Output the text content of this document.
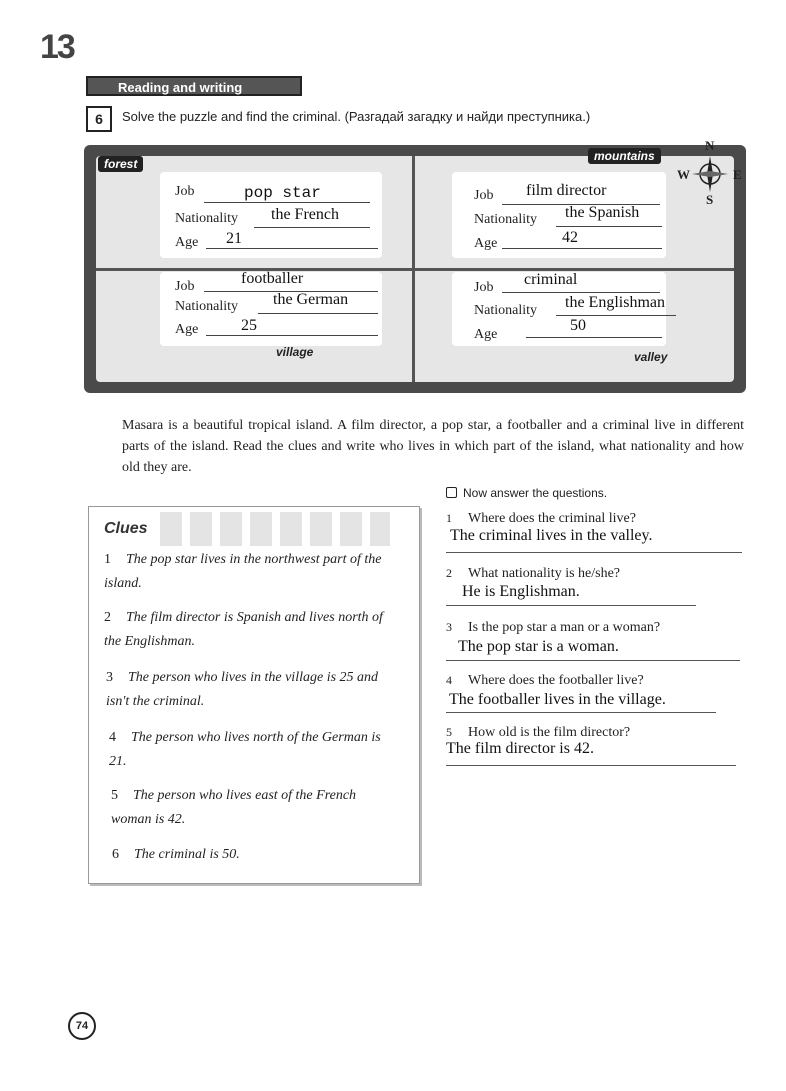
13
Reading and writing
6	Solve the puzzle and find the criminal. (Разгадай загадку и найди преступника.)
forest
mountains
village	valley
N
S
E
W
Job	pop star
Nationality the French
Age 21
Job film director
Nationality the Spanish
Age	42
Job	footballer
Nationality the German
Age	25
Job criminal
Nationality the Englishman
Age
50
Masara is a beautiful tropical island. A film director, a pop star, a footballer and a criminal live in different parts of the island. Read the clues and write who lives in which part of the island, what nationality and how old they are.
Clues
1 The pop star lives in the northwest part of the island.
2 The film director is Spanish and lives north of the Englishman.
3 The person who lives in the village is 25 and isn't the criminal.
4 The person who lives north of the German is 21.
5 The person who lives east of the French woman is 42.
6 The criminal is 50.
Now answer the questions.
1 Where does the criminal live?
The criminal lives in the valley.
2 What nationality is he/she?
He is Englishman.
3 Is the pop star a man or a woman?
The pop star is a woman.
4 Where does the footballer live?
The footballer lives in the village.
5 How old is the film director?
The film director is 42.
74
